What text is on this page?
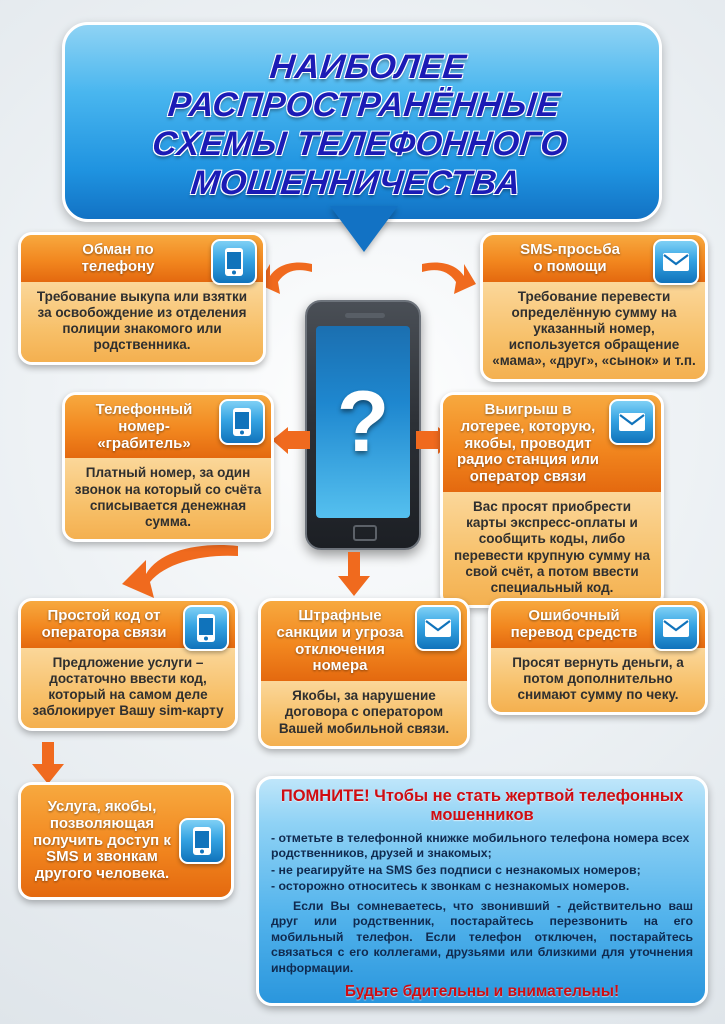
НАИБОЛЕЕ
РАСПРОСТРАНЁННЫЕ
СХЕМЫ ТЕЛЕФОННОГО
МОШЕННИЧЕСТВА
?
Обман по
телефону
Требование выкупа или взятки за освобождение из отделения полиции знакомого или родственника.
SMS-просьба
о помощи
Требование перевести определённую сумму на указанный номер, используется обращение «мама», «друг», «сынок» и т.п.
Телефонный номер-
«грабитель»
Платный номер, за один звонок на который со счёта списывается денежная сумма.
Выигрыш в лотерее, которую, якобы, проводит радио станция или оператор связи
Вас просят приобрести карты экспресс-оплаты и сообщить коды, либо перевести крупную сумму на свой счёт, а потом ввести специальный код.
Простой код от оператора связи
Предложение услуги – достаточно ввести код, который на самом деле заблокирует Вашу sim-карту
Штрафные санкции и угроза отключения номера
Якобы, за нарушение договора с оператором Вашей мобильной связи.
Ошибочный перевод средств
Просят вернуть деньги, а потом дополнительно снимают сумму по чеку.
Услуга, якобы, позволяющая получить доступ к SMS и звонкам другого человека.
ПОМНИТЕ! Чтобы не стать жертвой телефонных мошенников
- отметьте в телефонной книжке мобильного телефона номера всех родственников, друзей и знакомых;
- не реагируйте на SMS без подписи с незнакомых номеров;
- осторожно относитесь к звонкам с незнакомых номеров.
Если Вы сомневаетесь, что звонивший - действительно ваш друг или родственник, постарайтесь перезвонить на его мобильный телефон. Если телефон отключен, постарайтесь связаться с его коллегами, друзьями или близкими для уточнения информации.
Будьте бдительны и внимательны!
